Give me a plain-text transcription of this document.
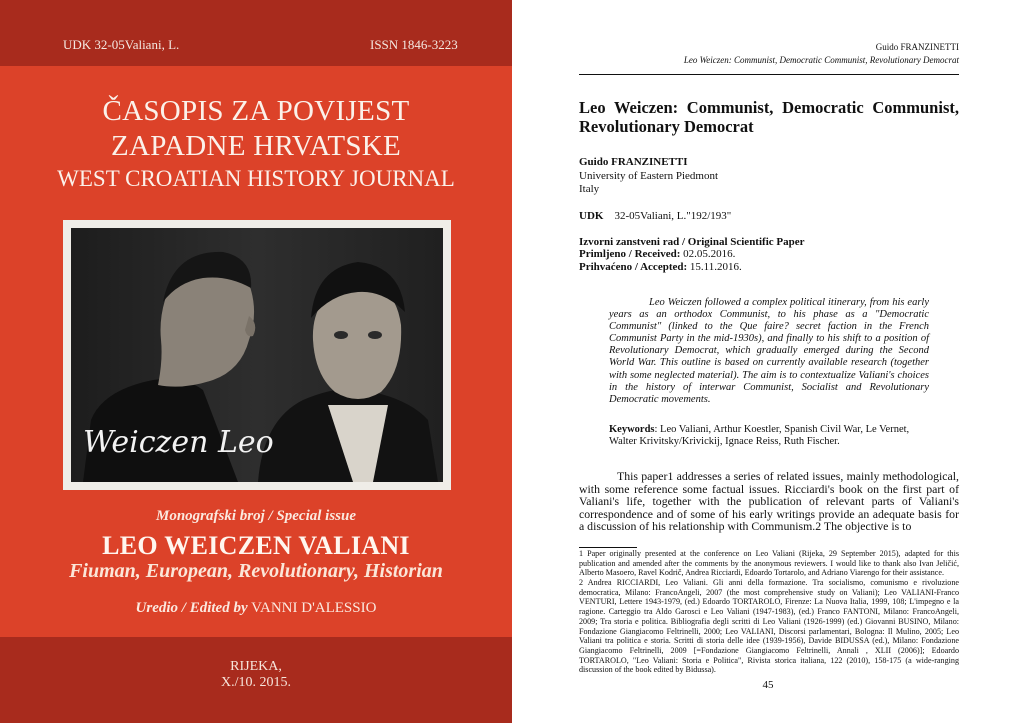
UDK 32-05Valiani, L.	ISSN 1846-3223
ČASOPIS ZA POVIJEST
ZAPADNE HRVATSKE
WEST CROATIAN HISTORY JOURNAL
Weiczen Leo
Monografski broj / Special issue
LEO WEICZEN VALIANI
Fiuman, European, Revolutionary, Historian
Uredio / Edited by VANNI D'ALESSIO
RIJEKA,
X./10. 2015.
Guido FRANZINETTI
Leo Weiczen: Communist, Democratic Communist, Revolutionary Democrat
Leo Weiczen: Communist, Democratic Communist, Revolutionary Democrat
Guido FRANZINETTI
University of Eastern Piedmont
Italy
UDK 32-05Valiani, L."192/193"
Izvorni zanstveni rad / Original Scientific Paper
Primljeno / Received: 02.05.2016.
Prihvaćeno / Accepted: 15.11.2016.
Leo Weiczen followed a complex political itinerary, from his early years as an orthodox Communist, to his phase as a "Democratic Communist" (linked to the Que faire? secret faction in the French Communist Party in the mid-1930s), and finally to his shift to a position of Revolutionary Democrat, which gradually emerged during the Second World War. This outline is based on currently available research (together with some neglected material). The aim is to contextualize Valiani's choices in the history of interwar Communist, Socialist and Revolutionary Democratic movements.
Keywords: Leo Valiani, Arthur Koestler, Spanish Civil War, Le Vernet, Walter Krivitsky/Krivickij, Ignace Reiss, Ruth Fischer.
This paper1 addresses a series of related issues, mainly methodological, with some reference some factual issues. Ricciardi's book on the first part of Valiani's life, together with the publication of relevant parts of Valiani's correspondence and of some of his early writings provide an adequate basis for a discussion of his relationship with Communism.2 The objective is to
1 Paper originally presented at the conference on Leo Valiani (Rijeka, 29 September 2015), adapted for this publication and amended after the comments by the anonymous reviewers. I would like to thank also Ivan Jeličić, Alberto Masoero, Ravel Kodrič, Andrea Ricciardi, Edoardo Tortarolo, and Adriano Viarengo for their assistance.
2 Andrea RICCIARDI, Leo Valiani. Gli anni della formazione. Tra socialismo, comunismo e rivoluzione democratica, Milano: FrancoAngeli, 2007 (the most comprehensive study on Valiani); Leo VALIANI-Franco VENTURI, Lettere 1943-1979, (ed.) Edoardo TORTAROLO, Firenze: La Nuova Italia, 1999, 108; L'impegno e la ragione. Carteggio tra Aldo Garosci e Leo Valiani (1947-1983), (ed.) Franco FANTONI, Milano: FrancoAngeli, 2009; Tra storia e politica. Bibliografia degli scritti di Leo Valiani (1926-1999) (ed.) Giovanni BUSINO, Milano: Fondazione Giangiacomo Feltrinelli, 2000; Leo VALIANI, Discorsi parlamentari, Bologna: Il Mulino, 2005; Leo Valiani tra politica e storia. Scritti di storia delle idee (1939-1956), Davide BIDUSSA (ed.), Milano: Fondazione Giangiacomo Feltrinelli, 2009 [=Fondazione Giangiacomo Feltrinelli, Annali , XLII (2006)]; Edoardo TORTAROLO, "Leo Valiani: Storia e Politica", Rivista storica italiana, 122 (2010), 158-175 (a wide-ranging discussion of the book edited by Bidussa).
45
